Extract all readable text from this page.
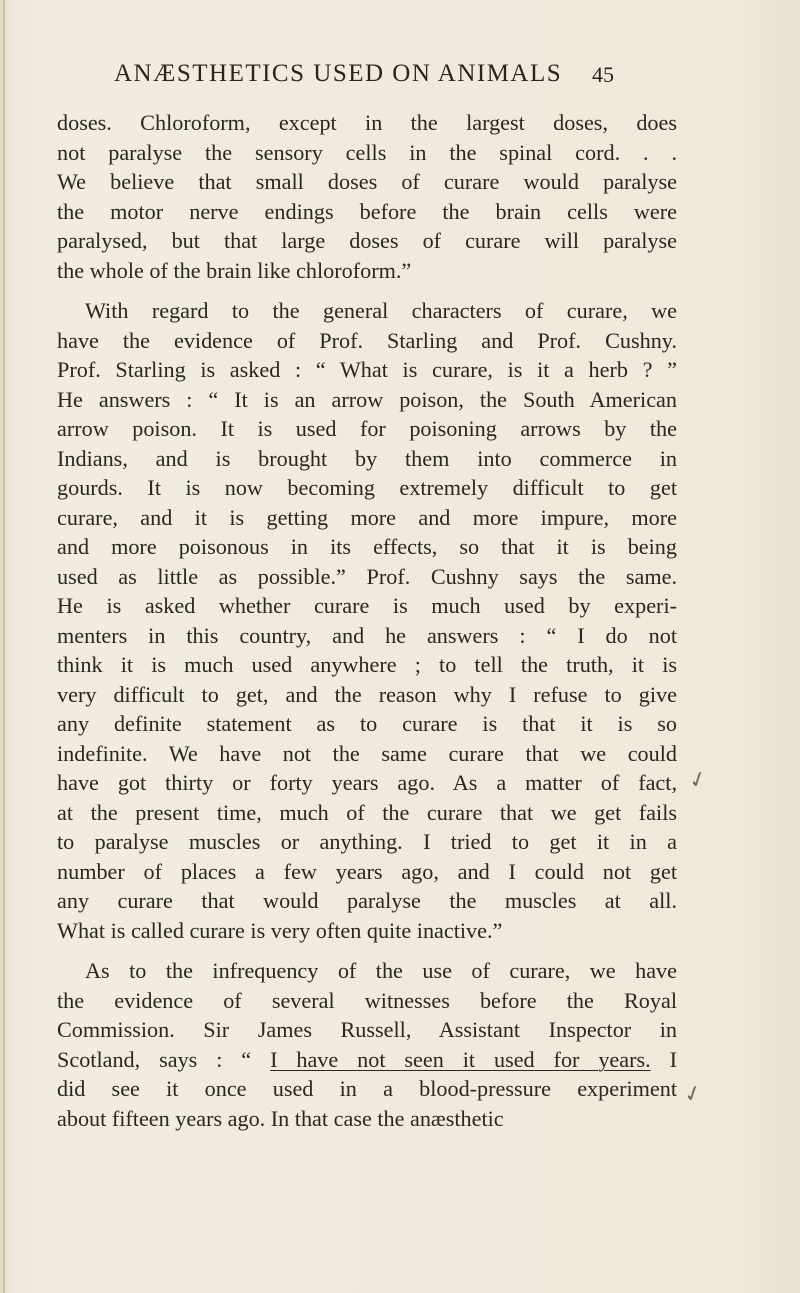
ANÆSTHETICS USED ON ANIMALS 45

doses. Chloroform, except in the largest doses, does
not paralyse the sensory cells in the spinal cord. . .
We believe that small doses of curare would paralyse
the motor nerve endings before the brain cells were
paralysed, but that large doses of curare will paralyse
the whole of the brain like chloroform.”

With regard to the general characters of curare, we
have the evidence of Prof. Starling and Prof. Cushny.
Prof. Starling is asked : “ What is curare, is it a herb ? ”
He answers : “ It is an arrow poison, the South American
arrow poison. It is used for poisoning arrows by the
Indians, and is brought by them into commerce in
gourds. It is now becoming extremely difficult to get
curare, and it is getting more and more impure, more
and more poisonous in its effects, so that it is being
used as little as possible.” Prof. Cushny says the same.
He is asked whether curare is much used by experi-
menters in this country, and he answers : “ I do not
think it is much used anywhere ; to tell the truth, it is
very difficult to get, and the reason why I refuse to give
any definite statement as to curare is that it is so
indefinite. We have not the same curare that we could
have got thirty or forty years ago. As a matter of fact,
at the present time, much of the curare that we get fails
to paralyse muscles or anything. I tried to get it in a
number of places a few years ago, and I could not get
any curare that would paralyse the muscles at all.
What is called curare is very often quite inactive.”

As to the infrequency of the use of curare, we have
the evidence of several witnesses before the Royal
Commission. Sir James Russell, Assistant Inspector in
Scotland, says : “ I have not seen it used for years. I
did see it once used in a blood-pressure experiment
about fifteen years ago. In that case the anæsthetic

✓
✓
